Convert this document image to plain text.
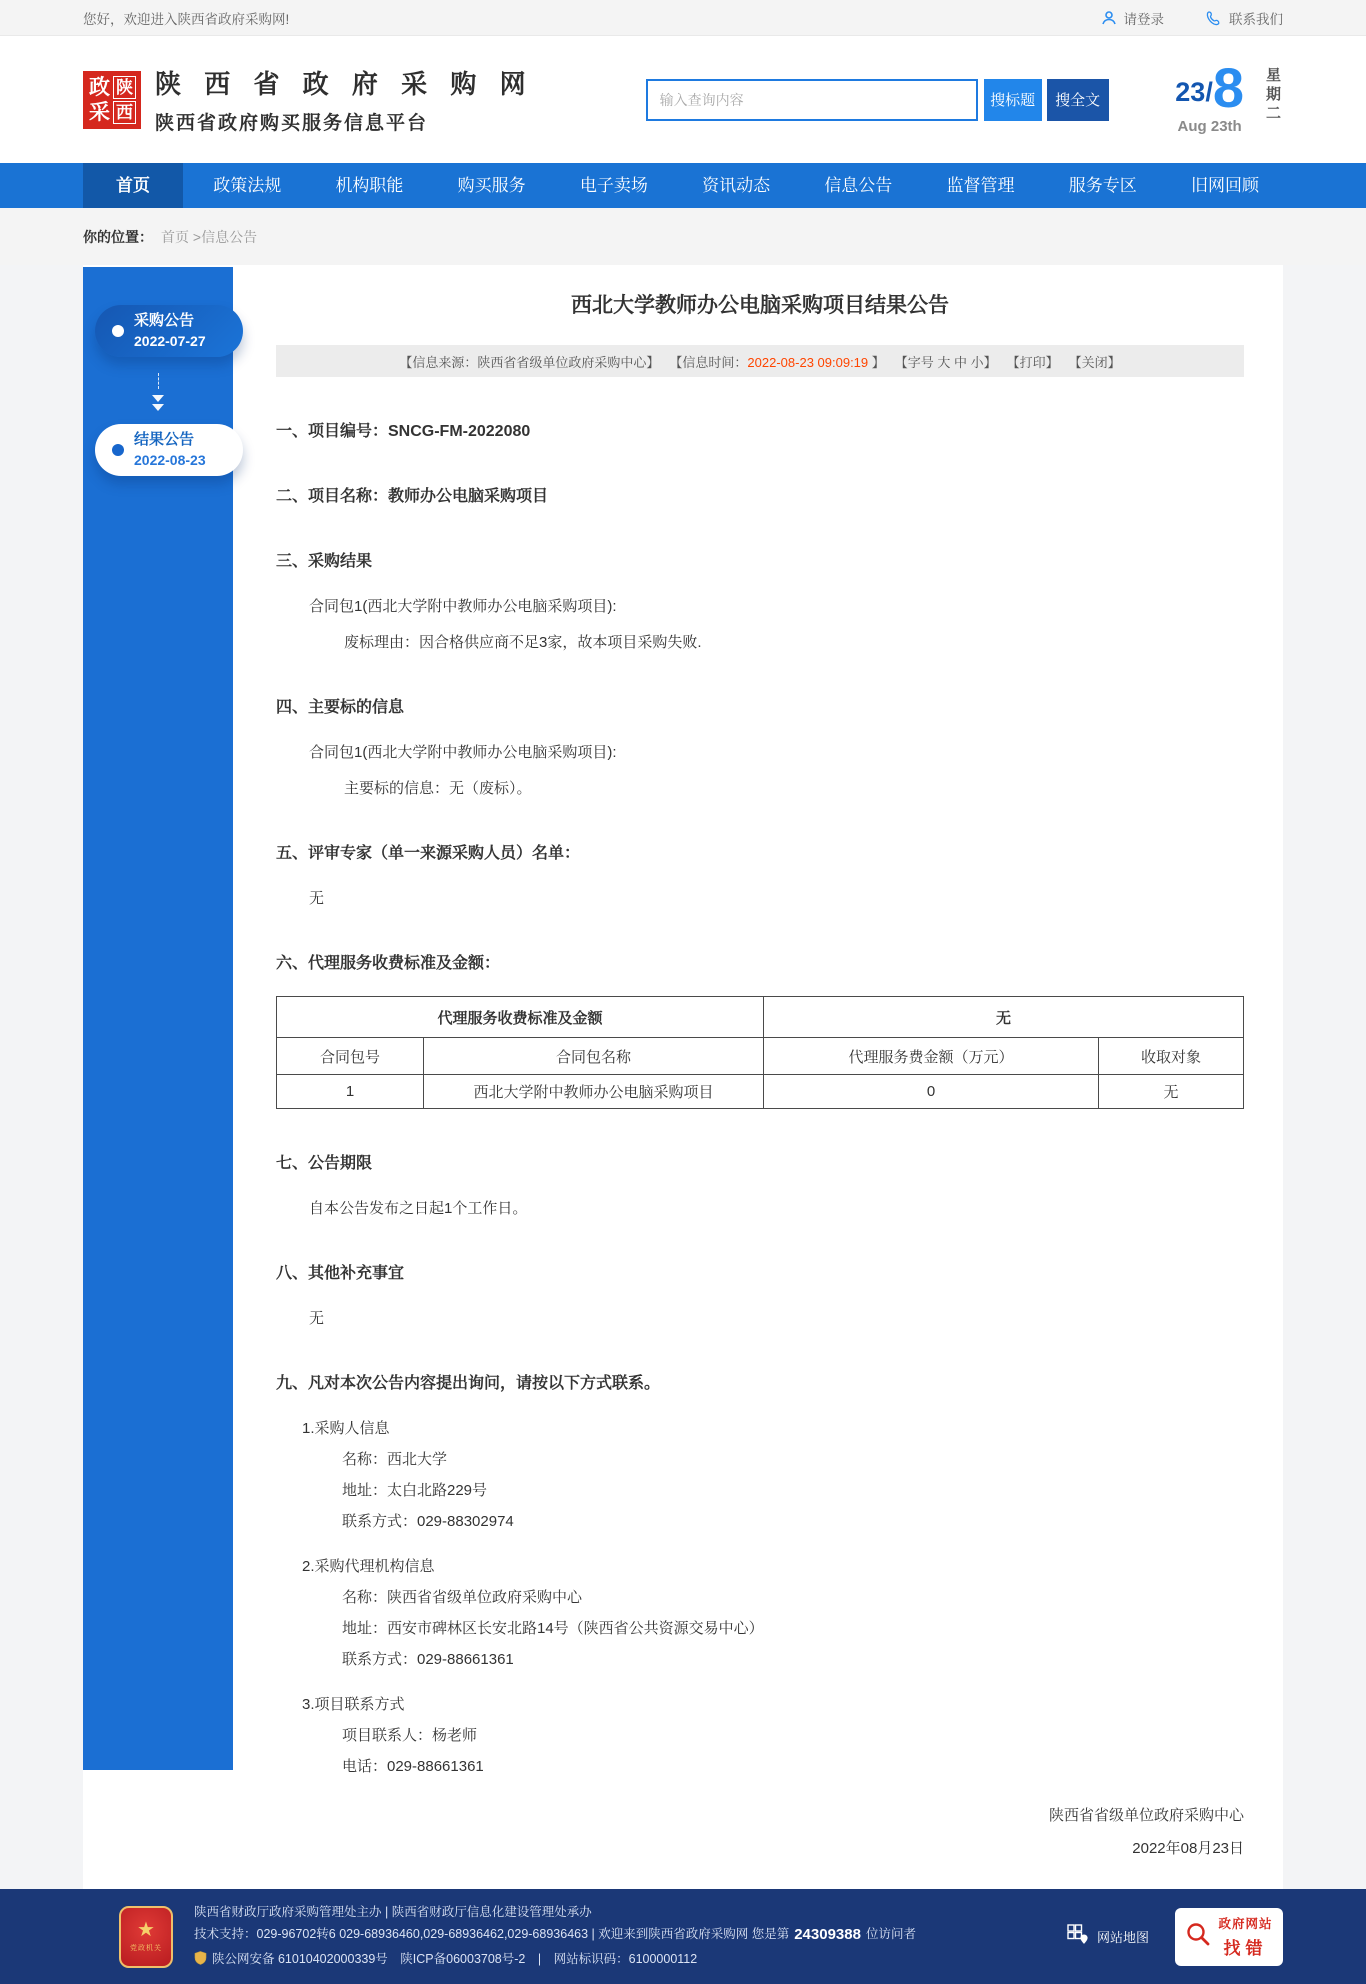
您好，欢迎进入陕西省政府采购网!	请登录	联系我们
政 陕
采 西
陕 西 省 政 府 采 购 网
陕西省政府购买服务信息平台
输入查询内容
搜标题	搜全文	23 / 8
Aug 23th
星期二
首页	政策法规	机构职能	购买服务	电子卖场	资讯动态	信息公告	监督管理	服务专区	旧网回顾
你的位置： 首页 >信息公告
采购公告
2022-07-27
结果公告
2022-08-23
西北大学教师办公电脑采购项目结果公告
【信息来源：陕西省省级单位政府采购中心】 【信息时间：2022-08-23 09:09:19 】 【字号 大 中 小】 【打印】 【关闭】
一、项目编号：SNCG-FM-2022080
二、项目名称：教师办公电脑采购项目
三、采购结果
合同包1(西北大学附中教师办公电脑采购项目):
废标理由：因合格供应商不足3家，故本项目采购失败.
四、主要标的信息
合同包1(西北大学附中教师办公电脑采购项目):
主要标的信息：无（废标）。
五、评审专家（单一来源采购人员）名单：
无
六、代理服务收费标准及金额：
代理服务收费标准及金额		无	
合同包号	合同包名称	代理服务费金额（万元）	收取对象
1	西北大学附中教师办公电脑采购项目	0	无
七、公告期限
自本公告发布之日起1个工作日。
八、其他补充事宜
无
九、凡对本次公告内容提出询问，请按以下方式联系。
1.采购人信息
名称：西北大学
地址：太白北路229号
联系方式：029-88302974
2.采购代理机构信息
名称：陕西省省级单位政府采购中心
地址：西安市碑林区长安北路14号（陕西省公共资源交易中心）
联系方式：029-88661361
3.项目联系方式
项目联系人：杨老师
电话：029-88661361
陕西省省级单位政府采购中心
2022年08月23日
★
党政机关
陕西省财政厅政府采购管理处主办 | 陕西省财政厅信息化建设管理处承办
技术支持：029-96702转6 029-68936460,029-68936462,029-68936463 | 欢迎来到陕西省政府采购网 您是第 24309388 位访问者
陕公网安备 61010402000339号　陕ICP备06003708号-2　|　网站标识码：6100000112
网站地图
政府网站
找错
